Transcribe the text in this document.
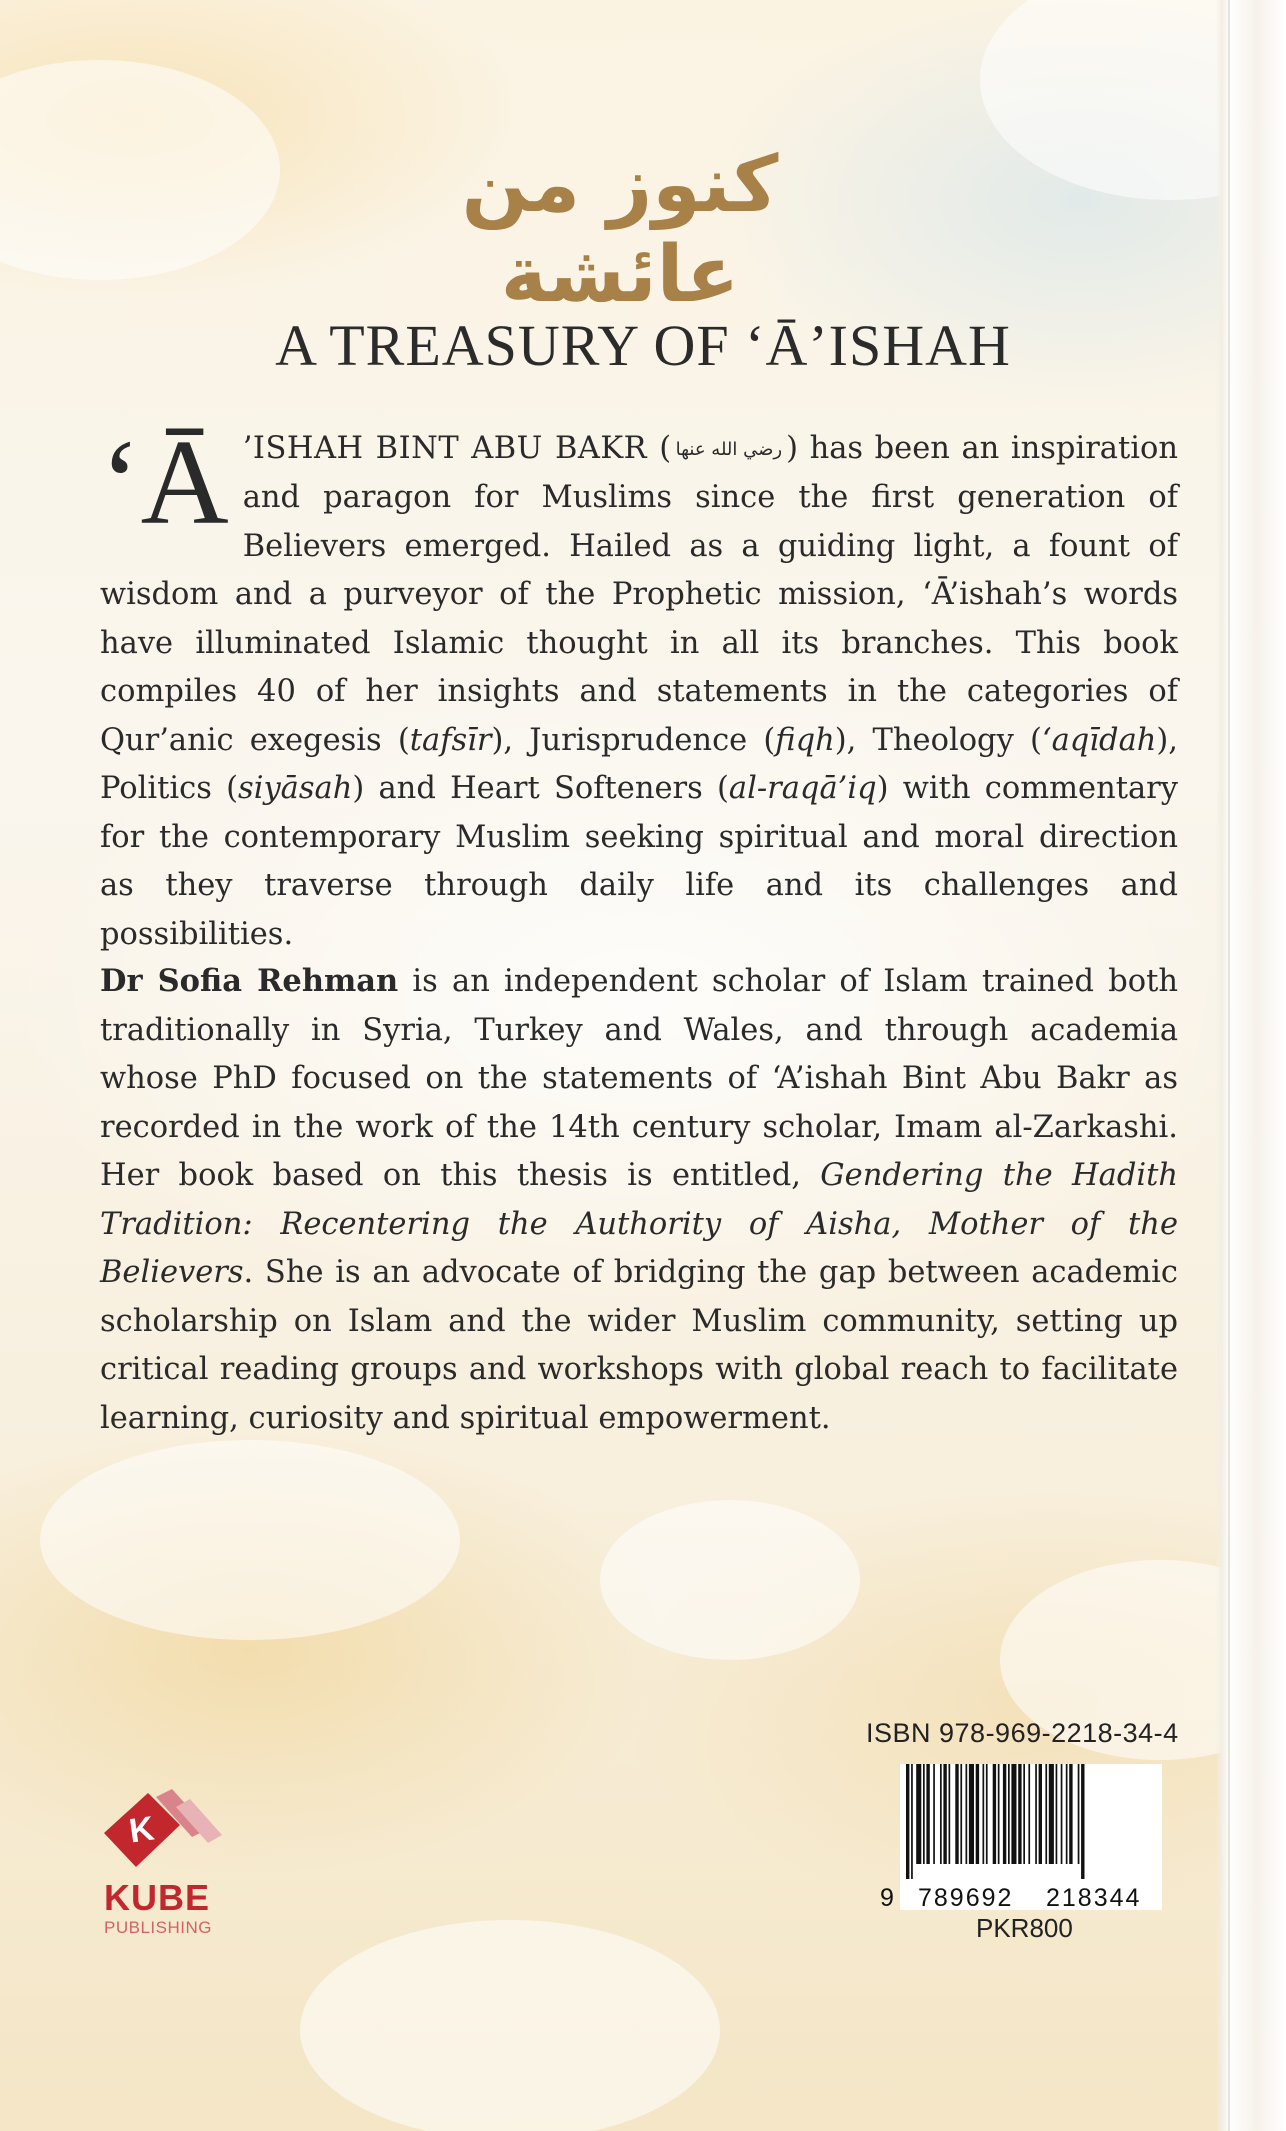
كنوز من عائشة
A TREASURY OF ‘Ā’ISHAH

‘Ā ’ISHAH BINT ABU BAKR ( رضي الله عنها ) has been an inspiration and paragon for Muslims since the first generation of Believers emerged. Hailed as a guiding light, a fount of wisdom and a purveyor of the Prophetic mission, ‘Ā’ishah’s words have illuminated Islamic thought in all its branches. This book compiles 40 of her insights and statements in the categories of Qur’anic exegesis (tafsīr), Jurisprudence (fiqh), Theology (‘aqīdah), Politics (siyāsah) and Heart Softeners (al-raqā’iq) with commentary for the contemporary Muslim seeking spiritual and moral direction as they traverse through daily life and its challenges and possibilities.

Dr Sofia Rehman is an independent scholar of Islam trained both traditionally in Syria, Turkey and Wales, and through academia whose PhD focused on the statements of ‘A’ishah Bint Abu Bakr as recorded in the work of the 14th century scholar, Imam al-Zarkashi. Her book based on this thesis is entitled, Gendering the Hadith Tradition: Recentering the Authority of Aisha, Mother of the Believers. She is an advocate of bridging the gap between academic scholarship on Islam and the wider Muslim community, setting up critical reading groups and workshops with global reach to facilitate learning, curiosity and spiritual empowerment.

K
KUBE
PUBLISHING
ISBN 978-969-2218-34-4
9 789692 218344
PKR800
